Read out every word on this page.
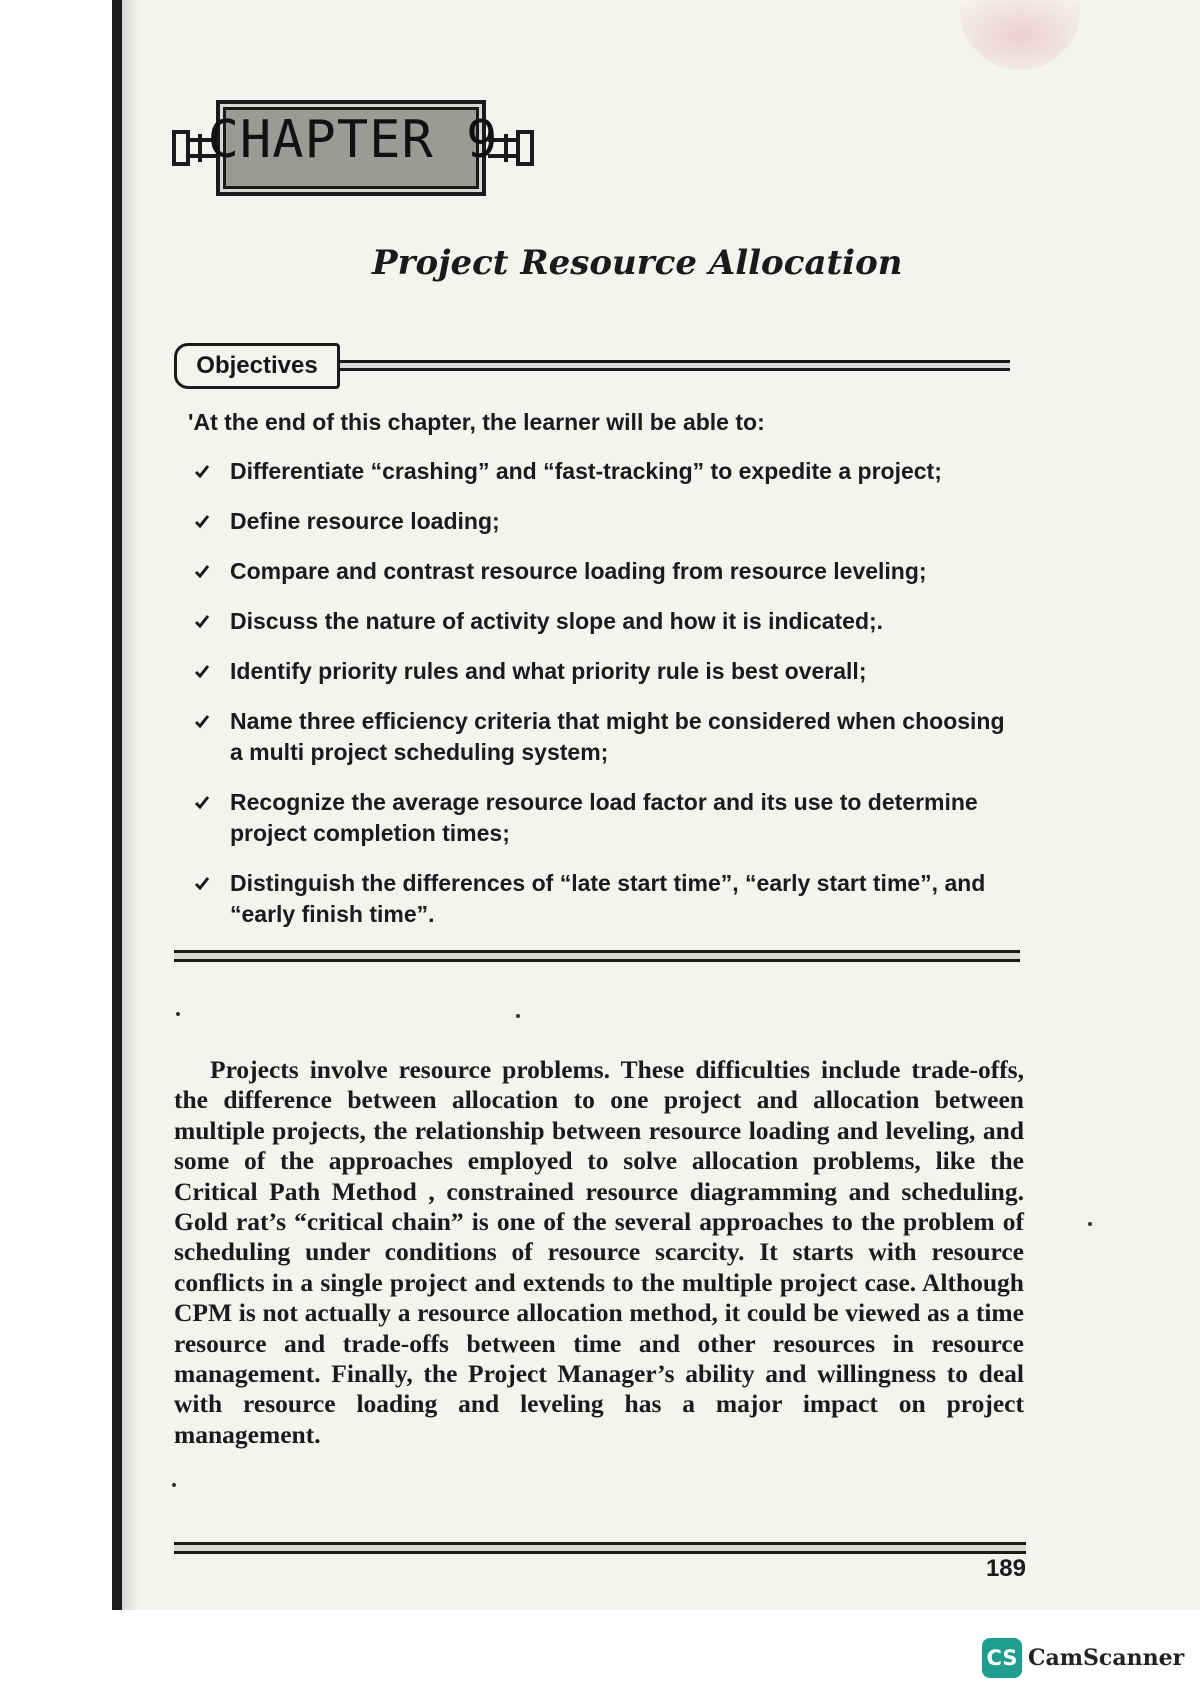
CHAPTER 9
Project Resource Allocation
Objectives
'At the end of this chapter, the learner will be able to:
Differentiate “crashing” and “fast-tracking” to expedite a project;
Define resource loading;
Compare and contrast resource loading from resource leveling;
Discuss the nature of activity slope and how it is indicated;.
Identify priority rules and what priority rule is best overall;
Name three efficiency criteria that might be considered when choosing a multi project scheduling system;
Recognize the average resource load factor and its use to determine project completion times;
Distinguish the differences of “late start time”, “early start time”, and “early finish time”.

Projects involve resource problems. These difficulties include trade-offs, the difference between allocation to one project and allocation between multiple projects, the relationship between resource loading and leveling, and some of the approaches employed to solve allocation problems, like the Critical Path Method , constrained resource diagramming and scheduling. Gold rat’s “critical chain” is one of the several approaches to the problem of scheduling under conditions of resource scarcity. It starts with resource conflicts in a single project and extends to the multiple project case. Although CPM is not actually a resource allocation method, it could be viewed as a time resource and trade-offs between time and other resources in resource management. Finally, the Project Manager’s ability and willingness to deal with resource loading and leveling has a major impact on project management.

189
CS CamScanner
